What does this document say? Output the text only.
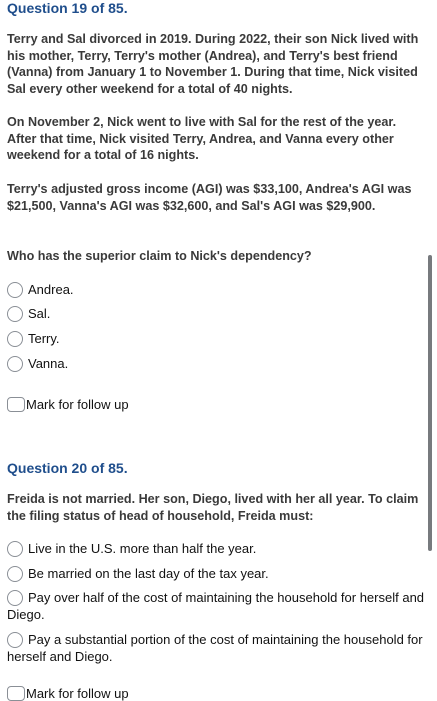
Question 19 of 85.

Terry and Sal divorced in 2019. During 2022, their son Nick lived with his mother, Terry, Terry's mother (Andrea), and Terry's best friend (Vanna) from January 1 to November 1. During that time, Nick visited Sal every other weekend for a total of 40 nights.

On November 2, Nick went to live with Sal for the rest of the year. After that time, Nick visited Terry, Andrea, and Vanna every other weekend for a total of 16 nights.

Terry's adjusted gross income (AGI) was $33,100, Andrea's AGI was $21,500, Vanna's AGI was $32,600, and Sal's AGI was $29,900.

Who has the superior claim to Nick's dependency?

Andrea.
Sal.
Terry.
Vanna.
Mark for follow up
Question 20 of 85.

Freida is not married. Her son, Diego, lived with her all year. To claim the filing status of head of household, Freida must:

Live in the U.S. more than half the year.
Be married on the last day of the tax year.
Pay over half of the cost of maintaining the household for herself and Diego.
Pay a substantial portion of the cost of maintaining the household for herself and Diego.
Mark for follow up
